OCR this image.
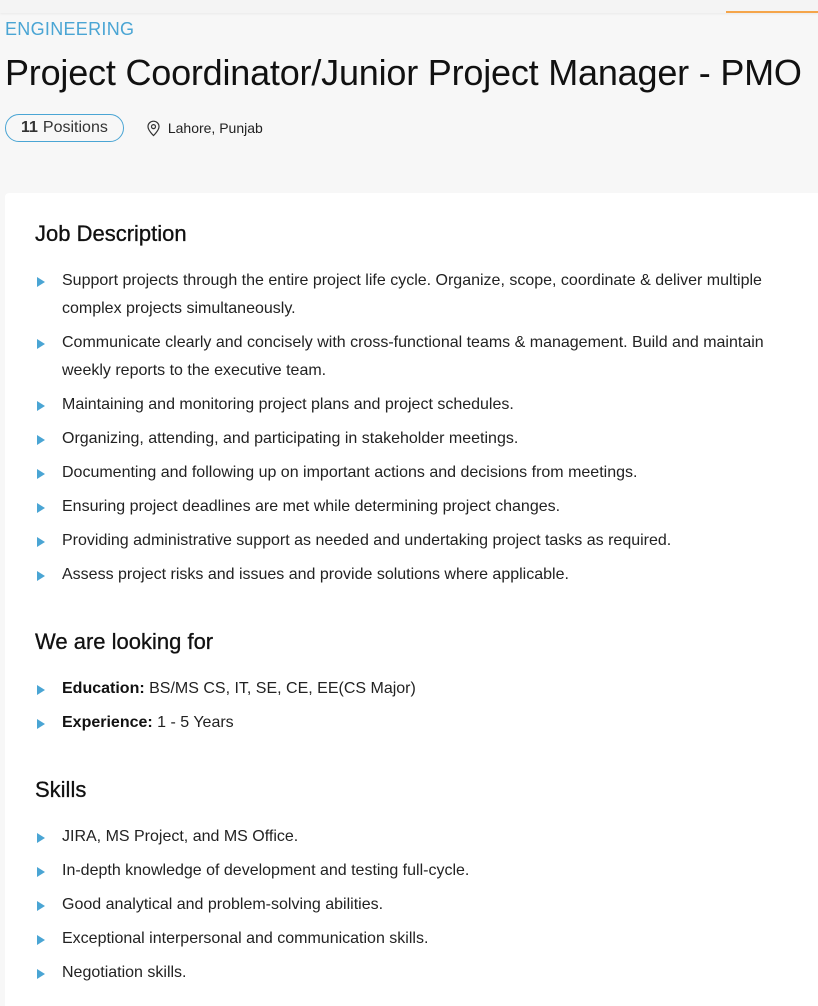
ENGINEERING
Project Coordinator/Junior Project Manager - PMO
11 Positions	Lahore, Punjab
Job Description
Support projects through the entire project life cycle. Organize, scope, coordinate & deliver multiple complex projects simultaneously.
Communicate clearly and concisely with cross-functional teams & management. Build and maintain weekly reports to the executive team.
Maintaining and monitoring project plans and project schedules.
Organizing, attending, and participating in stakeholder meetings.
Documenting and following up on important actions and decisions from meetings.
Ensuring project deadlines are met while determining project changes.
Providing administrative support as needed and undertaking project tasks as required.
Assess project risks and issues and provide solutions where applicable.
We are looking for
Education: BS/MS CS, IT, SE, CE, EE(CS Major)
Experience: 1 - 5 Years
Skills
JIRA, MS Project, and MS Office.
In-depth knowledge of development and testing full-cycle.
Good analytical and problem-solving abilities.
Exceptional interpersonal and communication skills.
Negotiation skills.
